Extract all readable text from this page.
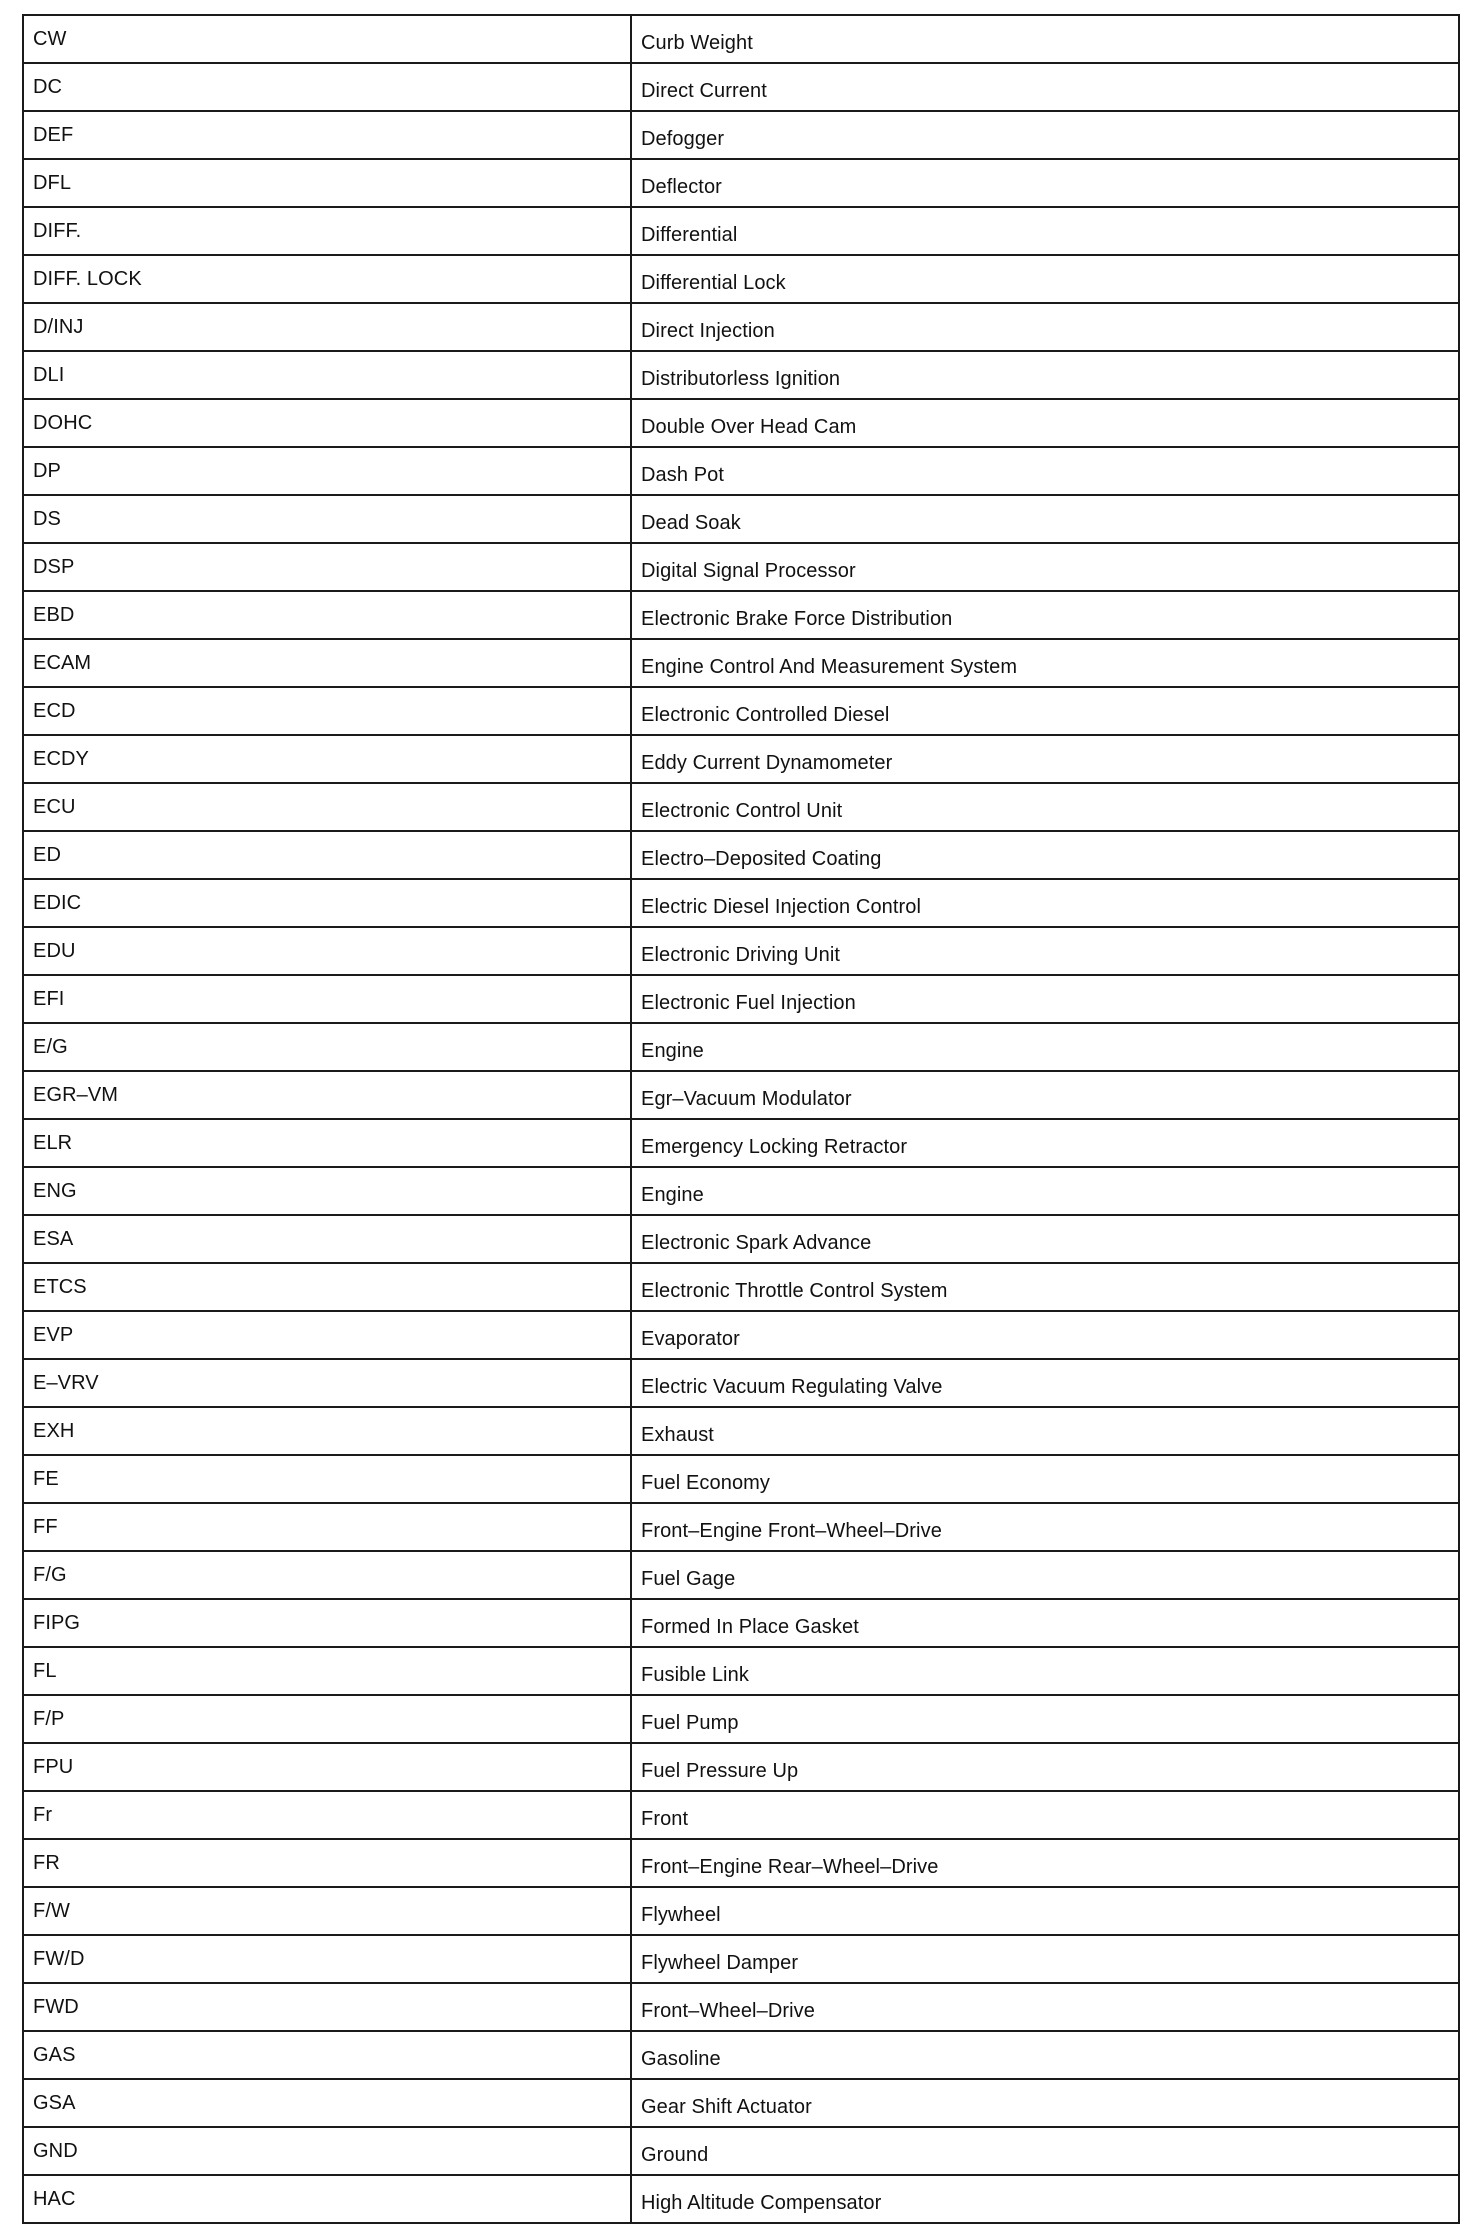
CW	Curb Weight
DC	Direct Current
DEF	Defogger
DFL	Deflector
DIFF.	Differential
DIFF. LOCK	Differential Lock
D/INJ	Direct Injection
DLI	Distributorless Ignition
DOHC	Double Over Head Cam
DP	Dash Pot
DS	Dead Soak
DSP	Digital Signal Processor
EBD	Electronic Brake Force Distribution
ECAM	Engine Control And Measurement System
ECD	Electronic Controlled Diesel
ECDY	Eddy Current Dynamometer
ECU	Electronic Control Unit
ED	Electro–Deposited Coating
EDIC	Electric Diesel Injection Control
EDU	Electronic Driving Unit
EFI	Electronic Fuel Injection
E/G	Engine
EGR–VM	Egr–Vacuum Modulator
ELR	Emergency Locking Retractor
ENG	Engine
ESA	Electronic Spark Advance
ETCS	Electronic Throttle Control System
EVP	Evaporator
E–VRV	Electric Vacuum Regulating Valve
EXH	Exhaust
FE	Fuel Economy
FF	Front–Engine Front–Wheel–Drive
F/G	Fuel Gage
FIPG	Formed In Place Gasket
FL	Fusible Link
F/P	Fuel Pump
FPU	Fuel Pressure Up
Fr	Front
FR	Front–Engine Rear–Wheel–Drive
F/W	Flywheel
FW/D	Flywheel Damper
FWD	Front–Wheel–Drive
GAS	Gasoline
GSA	Gear Shift Actuator
GND	Ground
HAC	High Altitude Compensator
